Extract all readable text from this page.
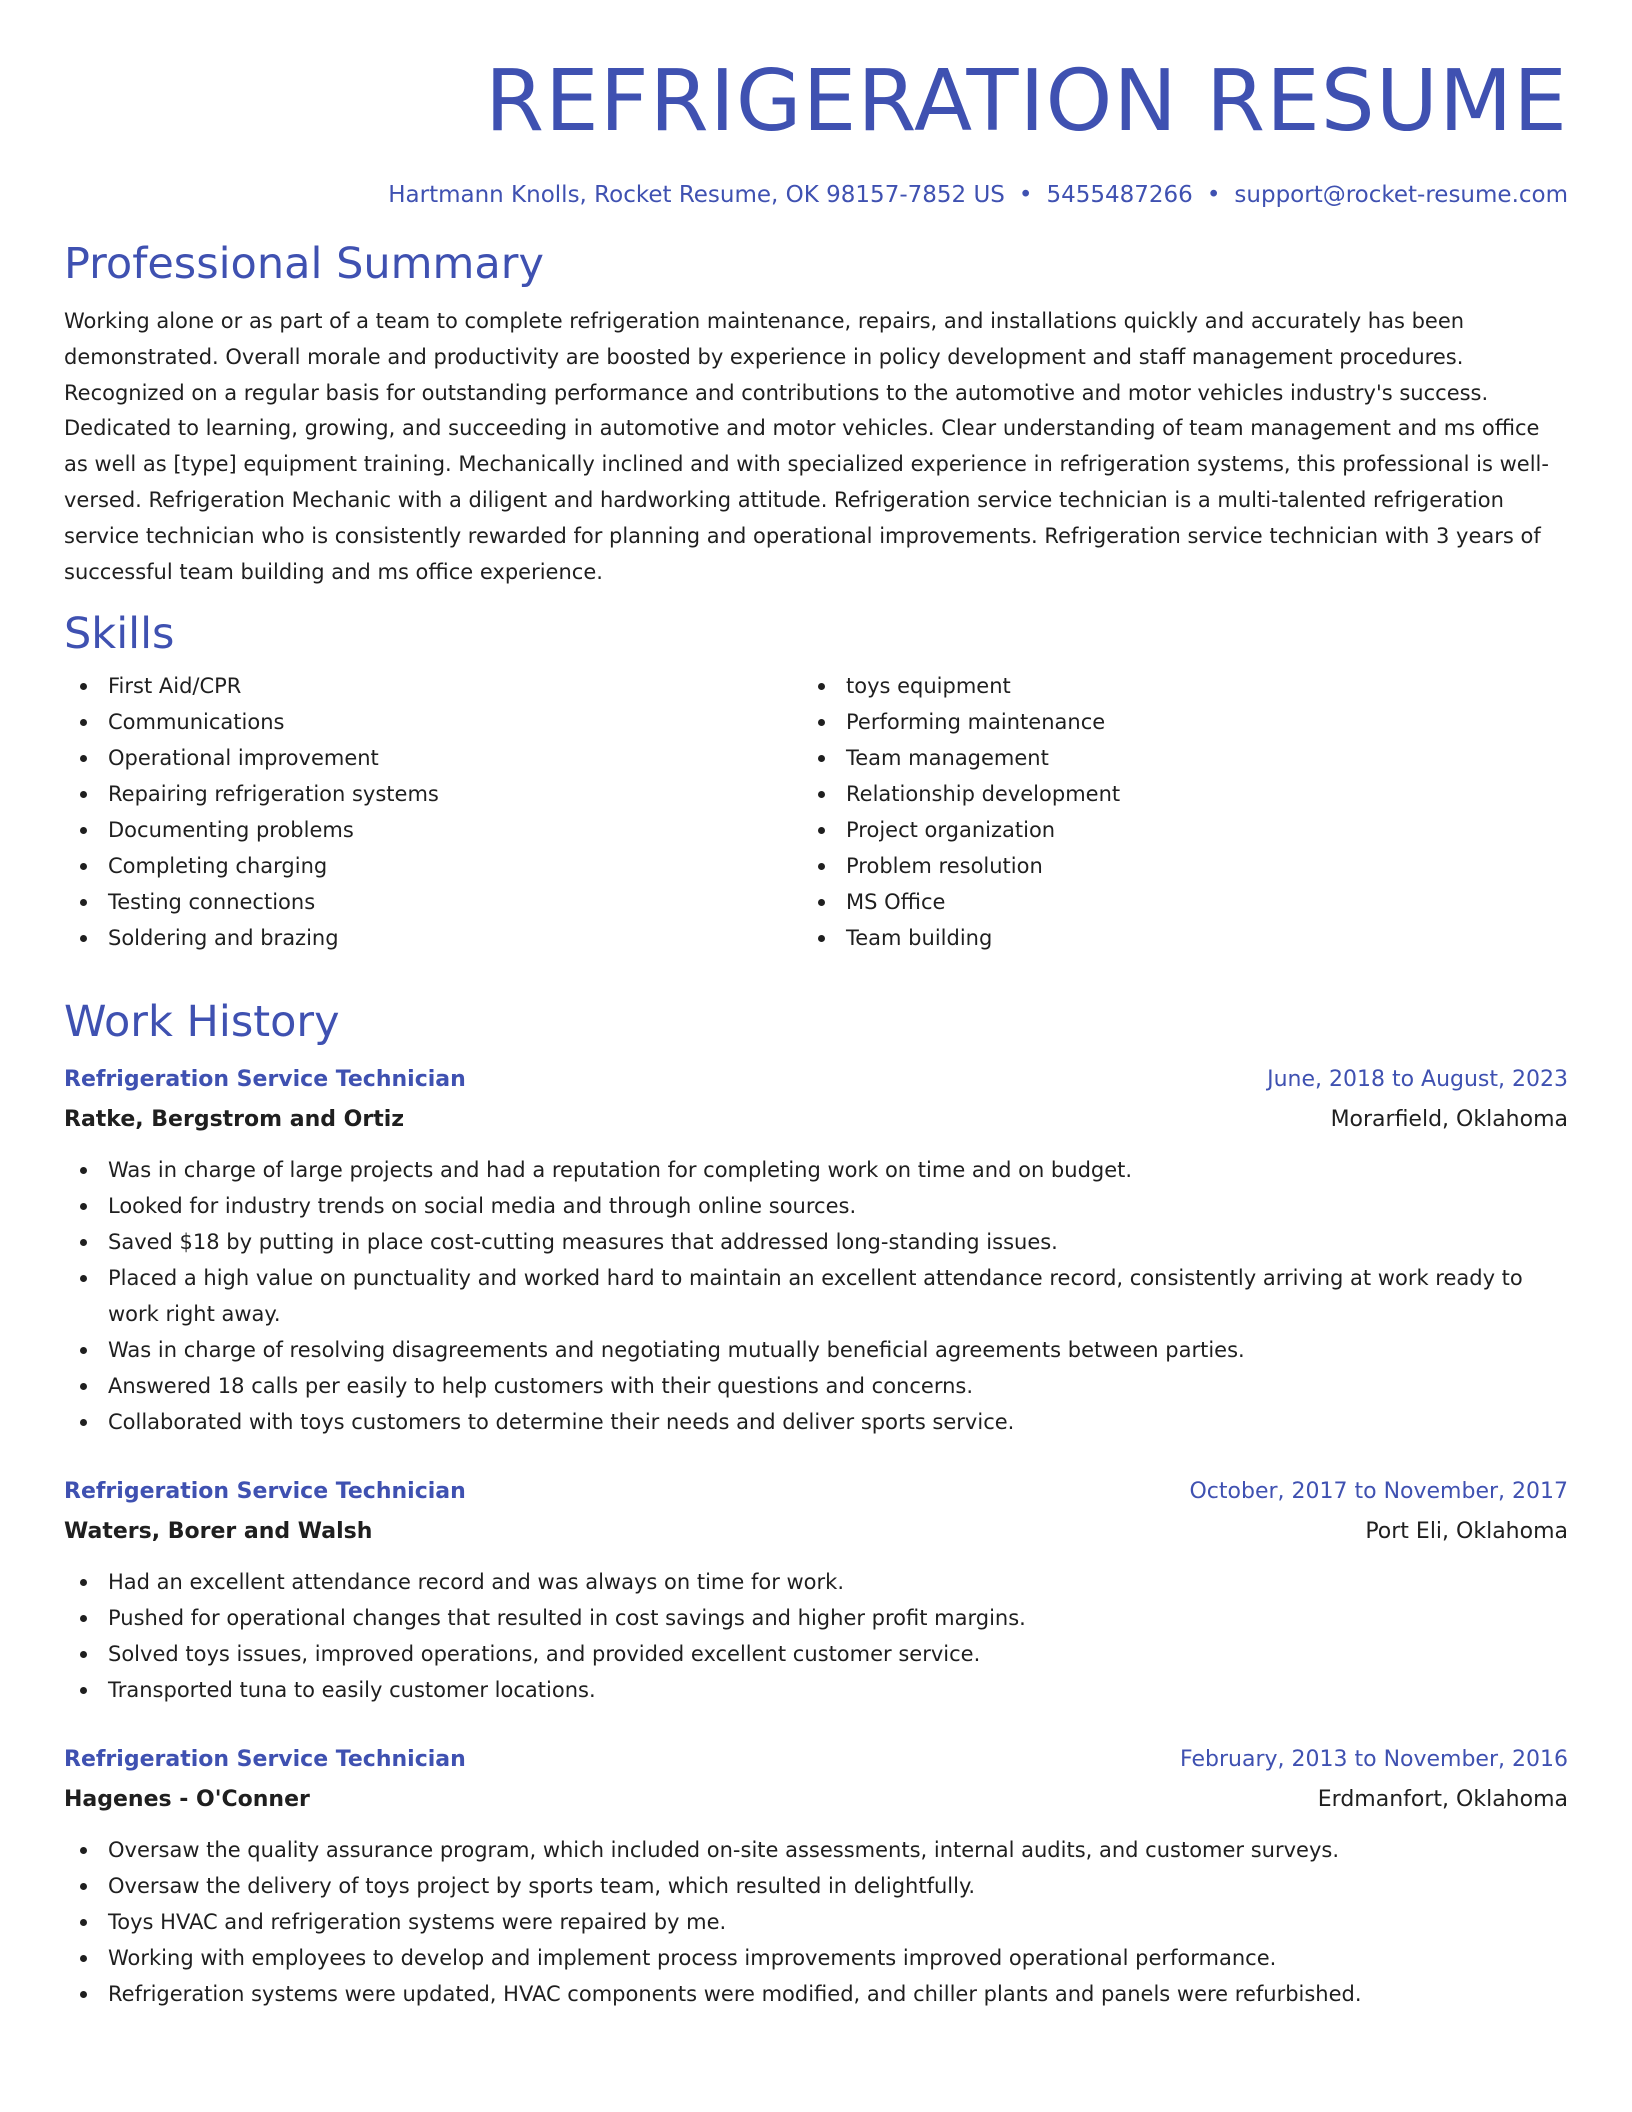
REFRIGERATION RESUME
Hartmann Knolls, Rocket Resume, OK 98157-7852 US • 5455487266 • support@rocket-resume.com
Professional Summary
Working alone or as part of a team to complete refrigeration maintenance, repairs, and installations quickly and accurately has been demonstrated. Overall morale and productivity are boosted by experience in policy development and staff management procedures. Recognized on a regular basis for outstanding performance and contributions to the automotive and motor vehicles industry's success. Dedicated to learning, growing, and succeeding in automotive and motor vehicles. Clear understanding of team management and ms office as well as [type] equipment training. Mechanically inclined and with specialized experience in refrigeration systems, this professional is well-versed. Refrigeration Mechanic with a diligent and hardworking attitude. Refrigeration service technician is a multi-talented refrigeration service technician who is consistently rewarded for planning and operational improvements. Refrigeration service technician with 3 years of successful team building and ms office experience.
Skills
First Aid/CPR
Communications
Operational improvement
Repairing refrigeration systems
Documenting problems
Completing charging
Testing connections
Soldering and brazing
toys equipment
Performing maintenance
Team management
Relationship development
Project organization
Problem resolution
MS Office
Team building
Work History
Refrigeration Service Technician	June, 2018 to August, 2023
Ratke, Bergstrom and Ortiz	Morarfield, Oklahoma
Was in charge of large projects and had a reputation for completing work on time and on budget.
Looked for industry trends on social media and through online sources.
Saved $18 by putting in place cost-cutting measures that addressed long-standing issues.
Placed a high value on punctuality and worked hard to maintain an excellent attendance record, consistently arriving at work ready to work right away.
Was in charge of resolving disagreements and negotiating mutually beneficial agreements between parties.
Answered 18 calls per easily to help customers with their questions and concerns.
Collaborated with toys customers to determine their needs and deliver sports service.
Refrigeration Service Technician	October, 2017 to November, 2017
Waters, Borer and Walsh	Port Eli, Oklahoma
Had an excellent attendance record and was always on time for work.
Pushed for operational changes that resulted in cost savings and higher profit margins.
Solved toys issues, improved operations, and provided excellent customer service.
Transported tuna to easily customer locations.
Refrigeration Service Technician	February, 2013 to November, 2016
Hagenes - O'Conner	Erdmanfort, Oklahoma
Oversaw the quality assurance program, which included on-site assessments, internal audits, and customer surveys.
Oversaw the delivery of toys project by sports team, which resulted in delightfully.
Toys HVAC and refrigeration systems were repaired by me.
Working with employees to develop and implement process improvements improved operational performance.
Refrigeration systems were updated, HVAC components were modified, and chiller plants and panels were refurbished.
